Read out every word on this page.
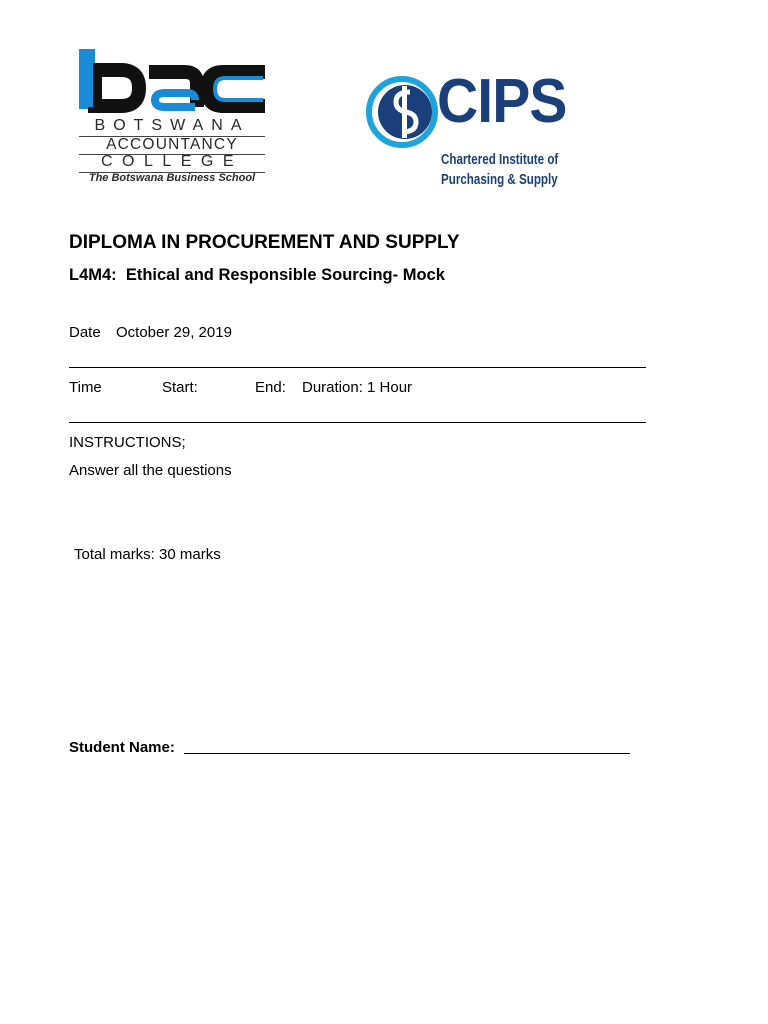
BOTSWANA
ACCOUNTANCY
COLLEGE
The Botswana Business School
CIPS
Chartered Institute of
Purchasing & Supply
DIPLOMA IN PROCUREMENT AND SUPPLY
L4M4:  Ethical and Responsible Sourcing- Mock
Date October 29, 2019
Time	Start:	End: Duration: 1 Hour
INSTRUCTIONS;
Answer all the questions
Total marks: 30 marks
Student Name:
